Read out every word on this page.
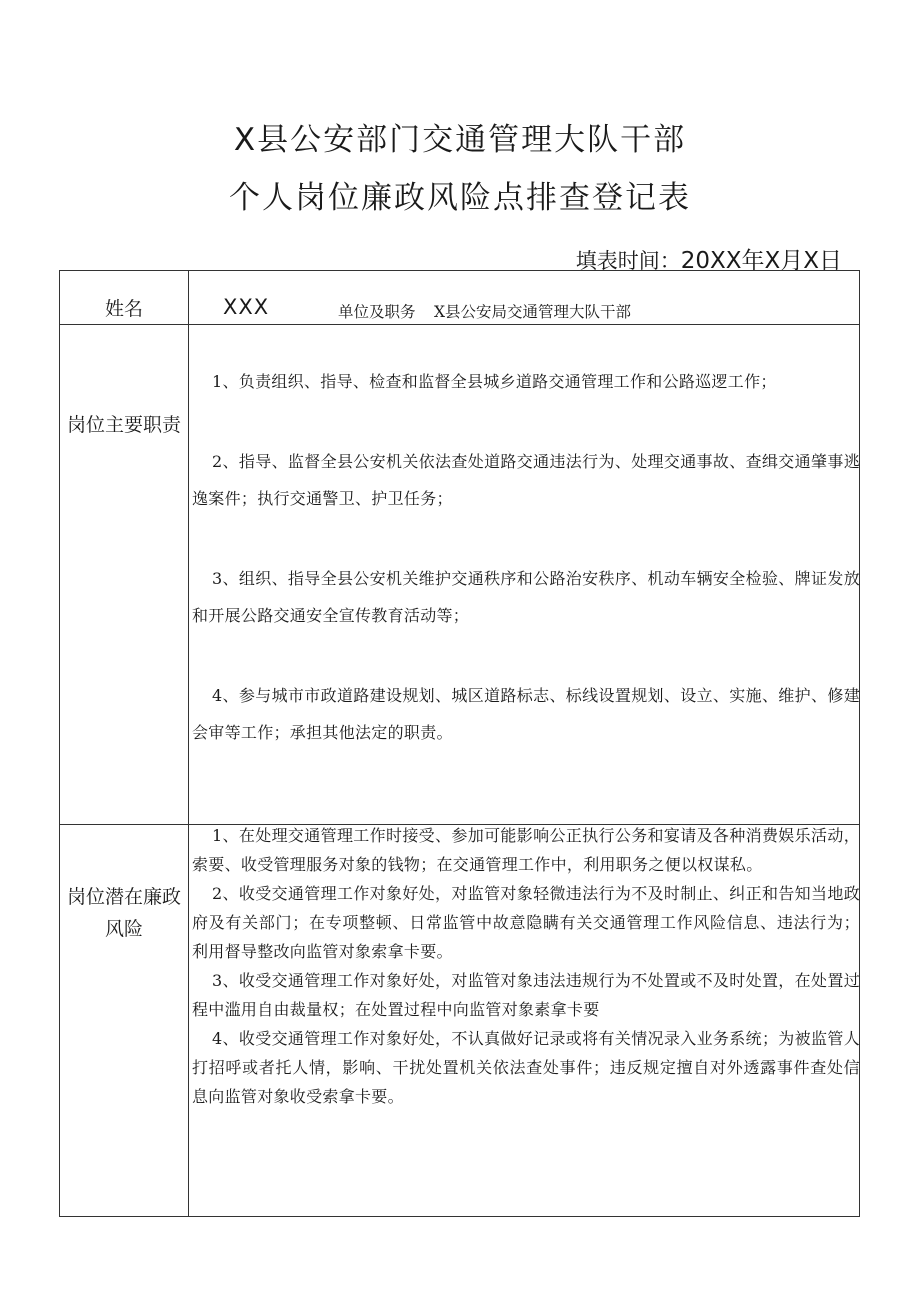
X县公安部门交通管理大队干部
个人岗位廉政风险点排查登记表
填表时间：20XX年X月X日
姓名	XXX	单位及职务 X县公安局交通管理大队干部
岗位主要职责

1、负责组织、指导、检查和监督全县城乡道路交通管理工作和公路巡逻工作；

2、指导、监督全县公安机关依法查处道路交通违法行为、处理交通事故、查缉交通肇事逃逸案件；执行交通警卫、护卫任务；

3、组织、指导全县公安机关维护交通秩序和公路治安秩序、机动车辆安全检验、牌证发放和开展公路交通安全宣传教育活动等；

4、参与城市市政道路建设规划、城区道路标志、标线设置规划、设立、实施、维护、修建会审等工作；承担其他法定的职责。

岗位潜在廉政风险

1、在处理交通管理工作时接受、参加可能影响公正执行公务和宴请及各种消费娱乐活动，索要、收受管理服务对象的钱物；在交通管理工作中，利用职务之便以权谋私。

2、收受交通管理工作对象好处，对监管对象轻微违法行为不及时制止、纠正和告知当地政府及有关部门；在专项整顿、日常监管中故意隐瞒有关交通管理工作风险信息、违法行为；利用督导整改向监管对象索拿卡要。

3、收受交通管理工作对象好处，对监管对象违法违规行为不处置或不及时处置，在处置过程中滥用自由裁量权；在处置过程中向监管对象素拿卡要

4、收受交通管理工作对象好处，不认真做好记录或将有关情况录入业务系统；为被监管人打招呼或者托人情，影响、干扰处置机关依法查处事件；违反规定擅自对外透露事件查处信息向监管对象收受索拿卡要。
